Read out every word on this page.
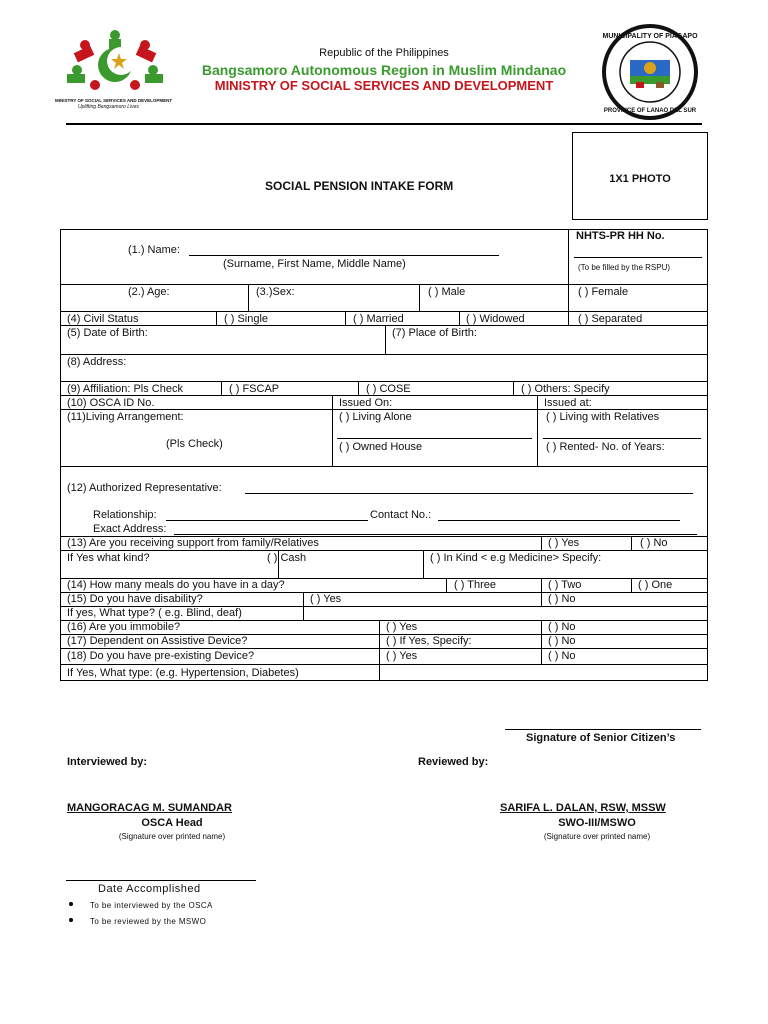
MINISTRY OF SOCIAL SERVICES AND DEVELOPMENT
Uplifting Bangsamoro Lives
Republic of the Philippines
Bangsamoro Autonomous Region in Muslim Mindanao
MINISTRY OF SOCIAL SERVICES AND DEVELOPMENT
MUNICIPALITY OF PIAGAPO
PROVINCE OF LANAO DEL SUR
1X1 PHOTO
SOCIAL PENSION INTAKE FORM
(1.) Name:
(Surname, First Name, Middle Name)
NHTS-PR HH No.
(To be filled by the RSPU)
(2.) Age:	(3.)Sex:	( ) Male	( ) Female
(4) Civil Status	( ) Single	( ) Married	( ) Widowed	( ) Separated
(5) Date of Birth:	(7) Place of Birth:
(8) Address:
(9) Affiliation: Pls Check	( ) FSCAP	( ) COSE	( ) Others: Specify
(10) OSCA ID No.	Issued On:	Issued at:
(11)Living Arrangement:
(Pls Check)
( ) Living Alone	( ) Living with Relatives
( ) Owned House	( ) Rented- No. of Years:
(12) Authorized Representative:
Relationship:	Contact No.:
Exact Address:
(13) Are you receiving support from family/Relatives	( ) Yes	( ) No
If Yes what kind?	( ) Cash	( ) In Kind < e.g Medicine> Specify:
(14) How many meals do you have in a day?	( ) Three	( ) Two	( ) One
(15) Do you have disability?	( ) Yes	( ) No
If yes, What type? ( e.g. Blind, deaf)
(16) Are you immobile?	( ) Yes	( ) No
(17) Dependent on Assistive Device?	( ) If Yes, Specify:	( ) No
(18) Do you have pre-existing Device?	( ) Yes	( ) No
If Yes, What type: (e.g. Hypertension, Diabetes)
Signature of Senior Citizen’s
Interviewed by:	Reviewed by:
MANGORACAG M. SUMANDAR
OSCA Head
(Signature over printed name)
SARIFA L. DALAN, RSW, MSSW
SWO-III/MSWO
(Signature over printed name)
Date Accomplished
To be interviewed by the OSCA
To be reviewed by the MSWO
